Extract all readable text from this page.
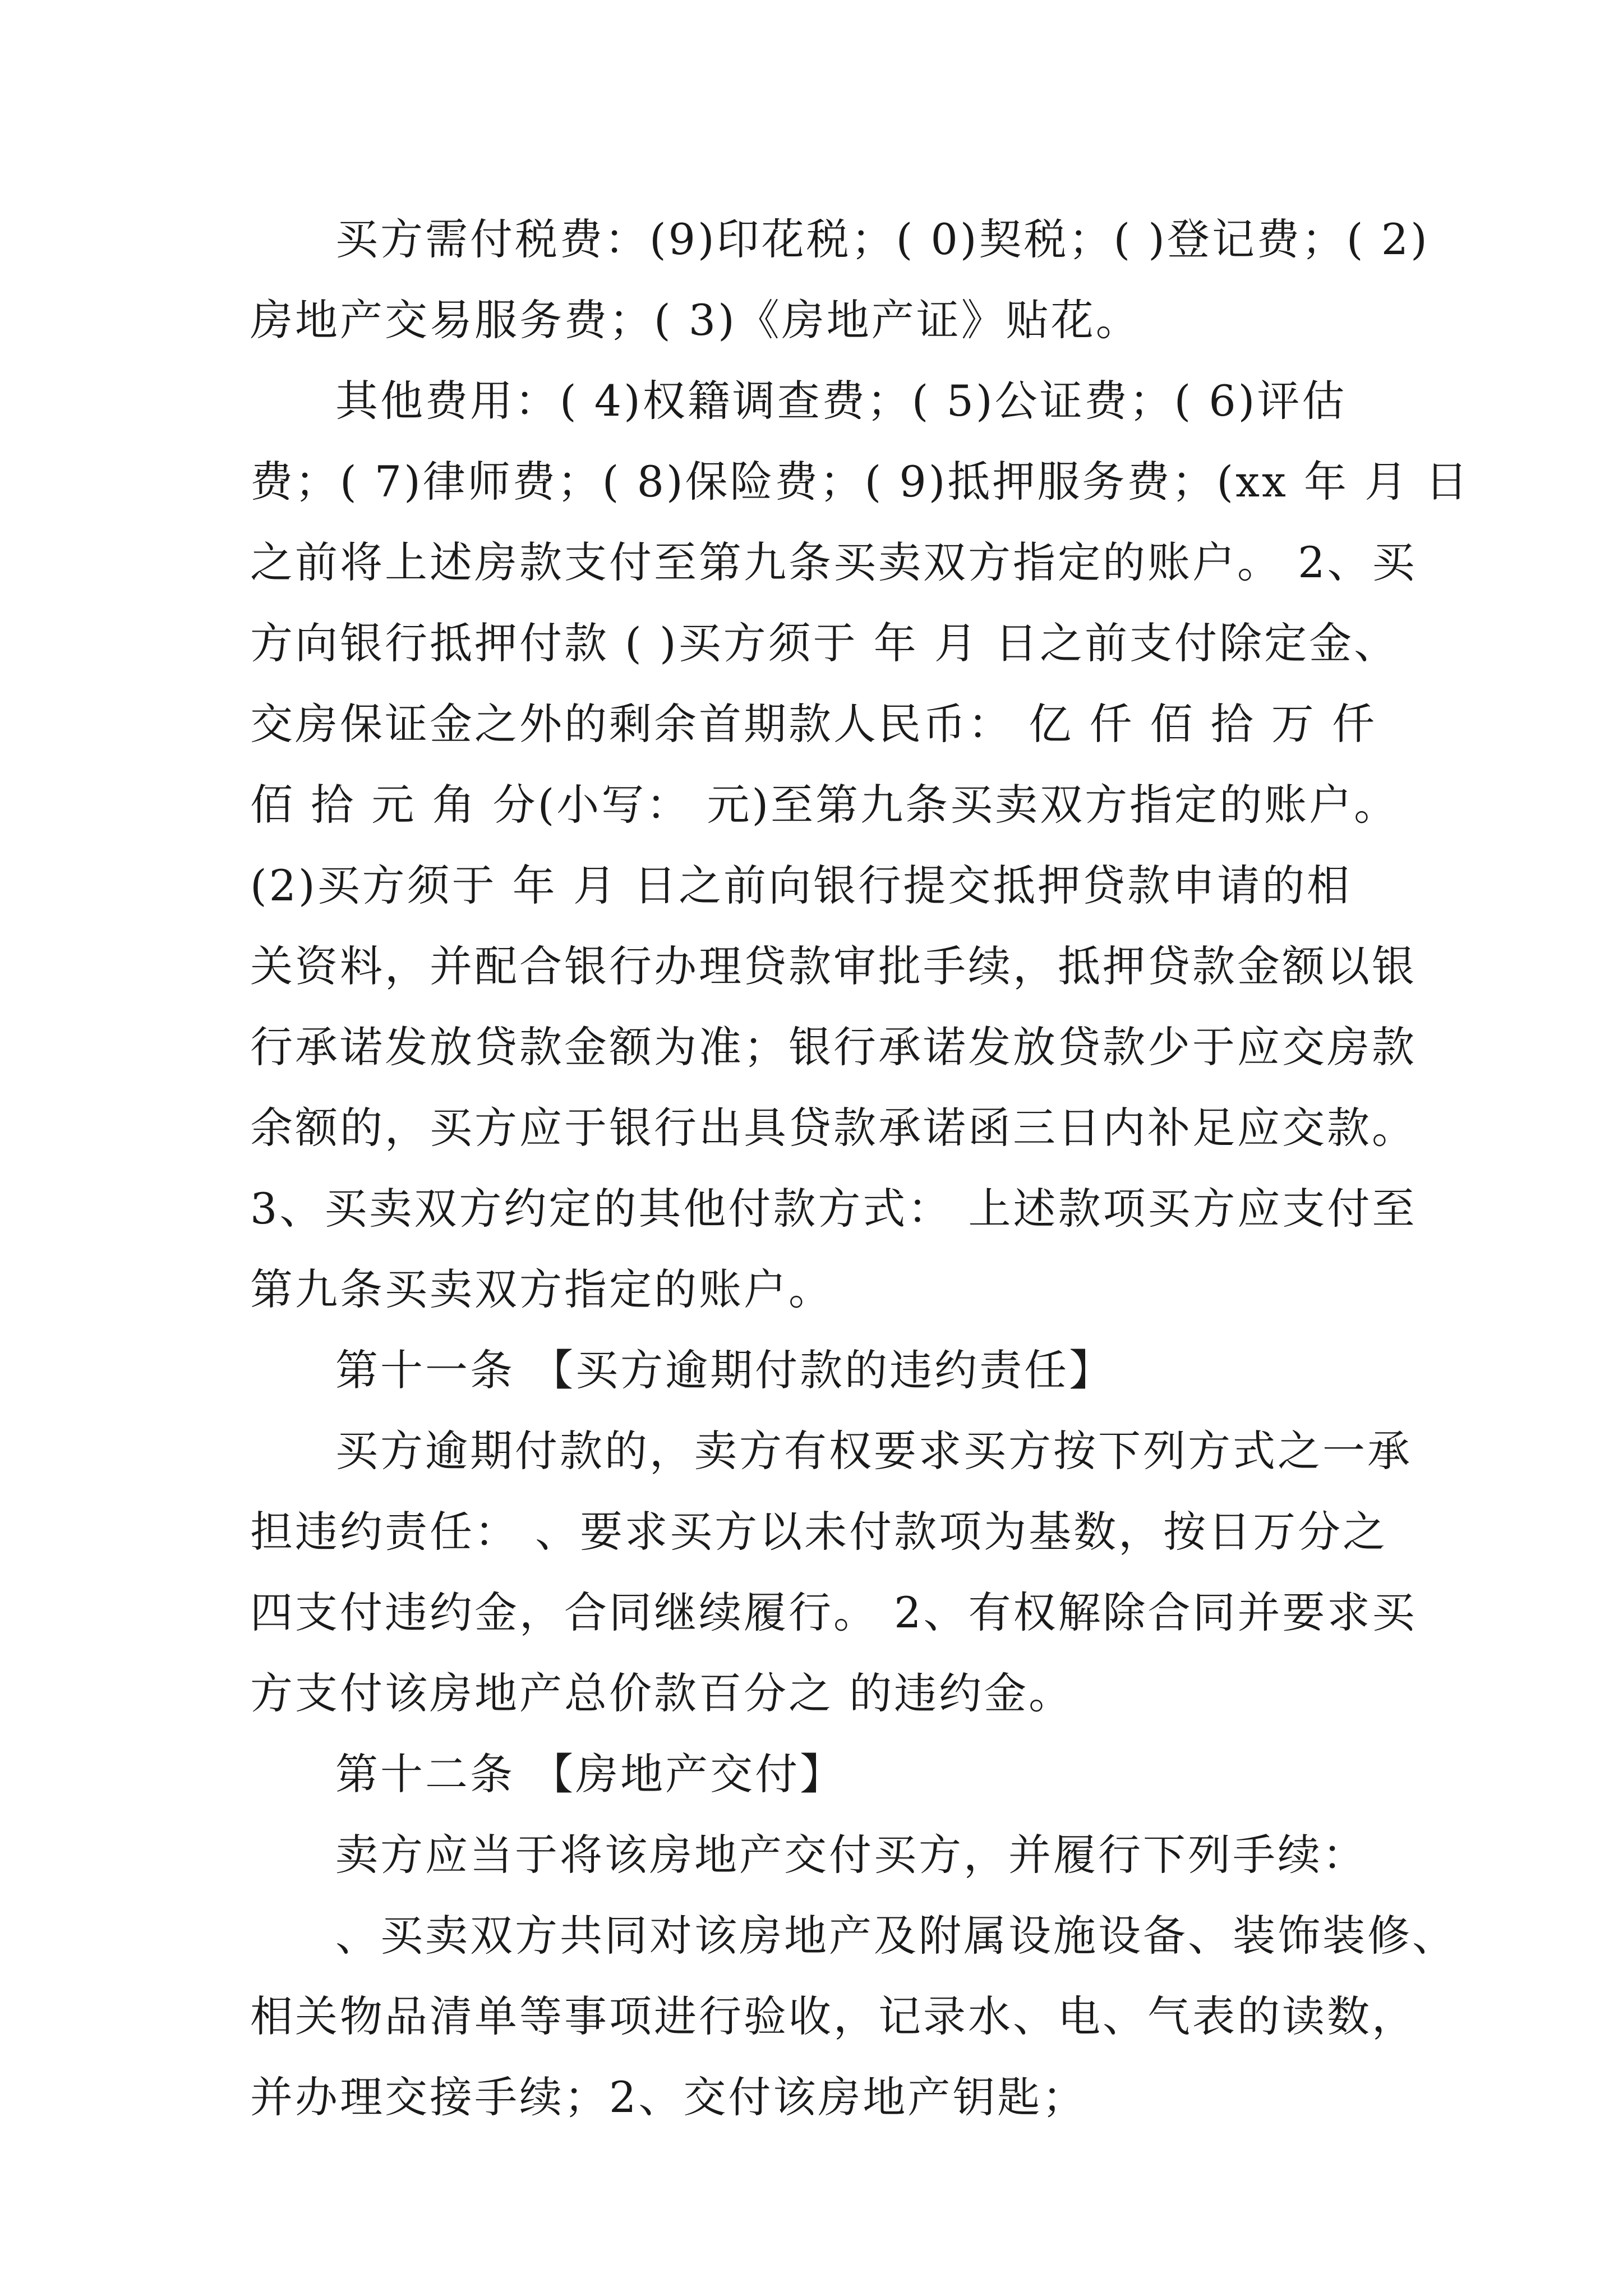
买方需付税费：(9)印花税；( 0)契税；( )登记费；( 2)
房地产交易服务费；( 3)《房地产证》贴花。
其他费用：( 4)权籍调查费；( 5)公证费；( 6)评估
费；( 7)律师费；( 8)保险费；( 9)抵押服务费；(xx 年 月 日
之前将上述房款支付至第九条买卖双方指定的账户。 2、买
方向银行抵押付款 ( )买方须于 年 月 日之前支付除定金、
交房保证金之外的剩余首期款人民币： 亿 仟 佰 拾 万 仟
佰 拾 元 角 分(小写： 元)至第九条买卖双方指定的账户。
(2)买方须于 年 月 日之前向银行提交抵押贷款申请的相
关资料，并配合银行办理贷款审批手续，抵押贷款金额以银
行承诺发放贷款金额为准；银行承诺发放贷款少于应交房款
余额的，买方应于银行出具贷款承诺函三日内补足应交款。
3、买卖双方约定的其他付款方式： 上述款项买方应支付至
第九条买卖双方指定的账户。
第十一条 【买方逾期付款的违约责任】
买方逾期付款的，卖方有权要求买方按下列方式之一承
担违约责任： 、要求买方以未付款项为基数，按日万分之
四支付违约金，合同继续履行。 2、有权解除合同并要求买
方支付该房地产总价款百分之 的违约金。
第十二条 【房地产交付】
卖方应当于将该房地产交付买方，并履行下列手续：
、买卖双方共同对该房地产及附属设施设备、装饰装修、
相关物品清单等事项进行验收，记录水、电、气表的读数，
并办理交接手续；2、交付该房地产钥匙；
